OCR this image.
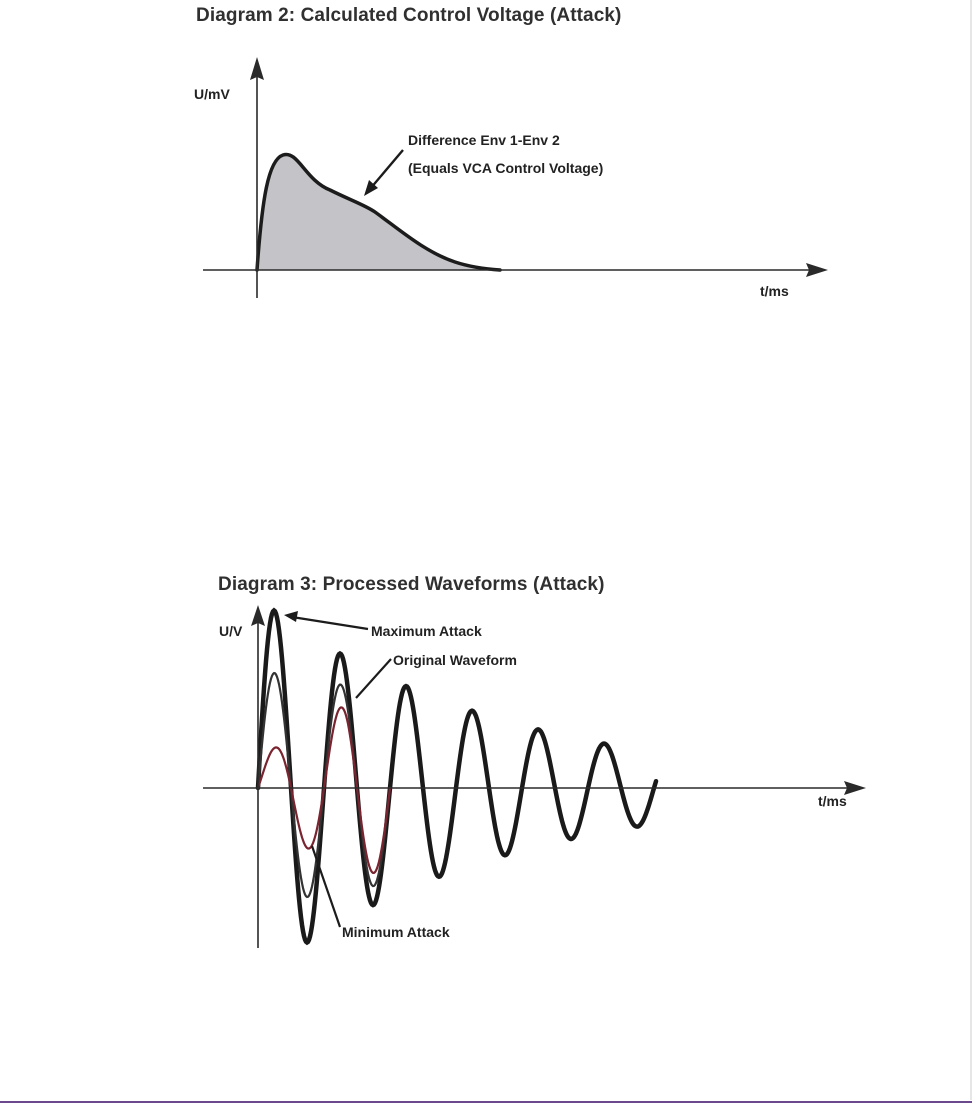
Diagram 2: Calculated Control Voltage (Attack)
U/mV
t/ms
Difference Env 1-Env 2
(Equals VCA Control Voltage)
Diagram 3: Processed Waveforms (Attack)
U/V
t/ms
Maximum Attack
Original Waveform
Minimum Attack
